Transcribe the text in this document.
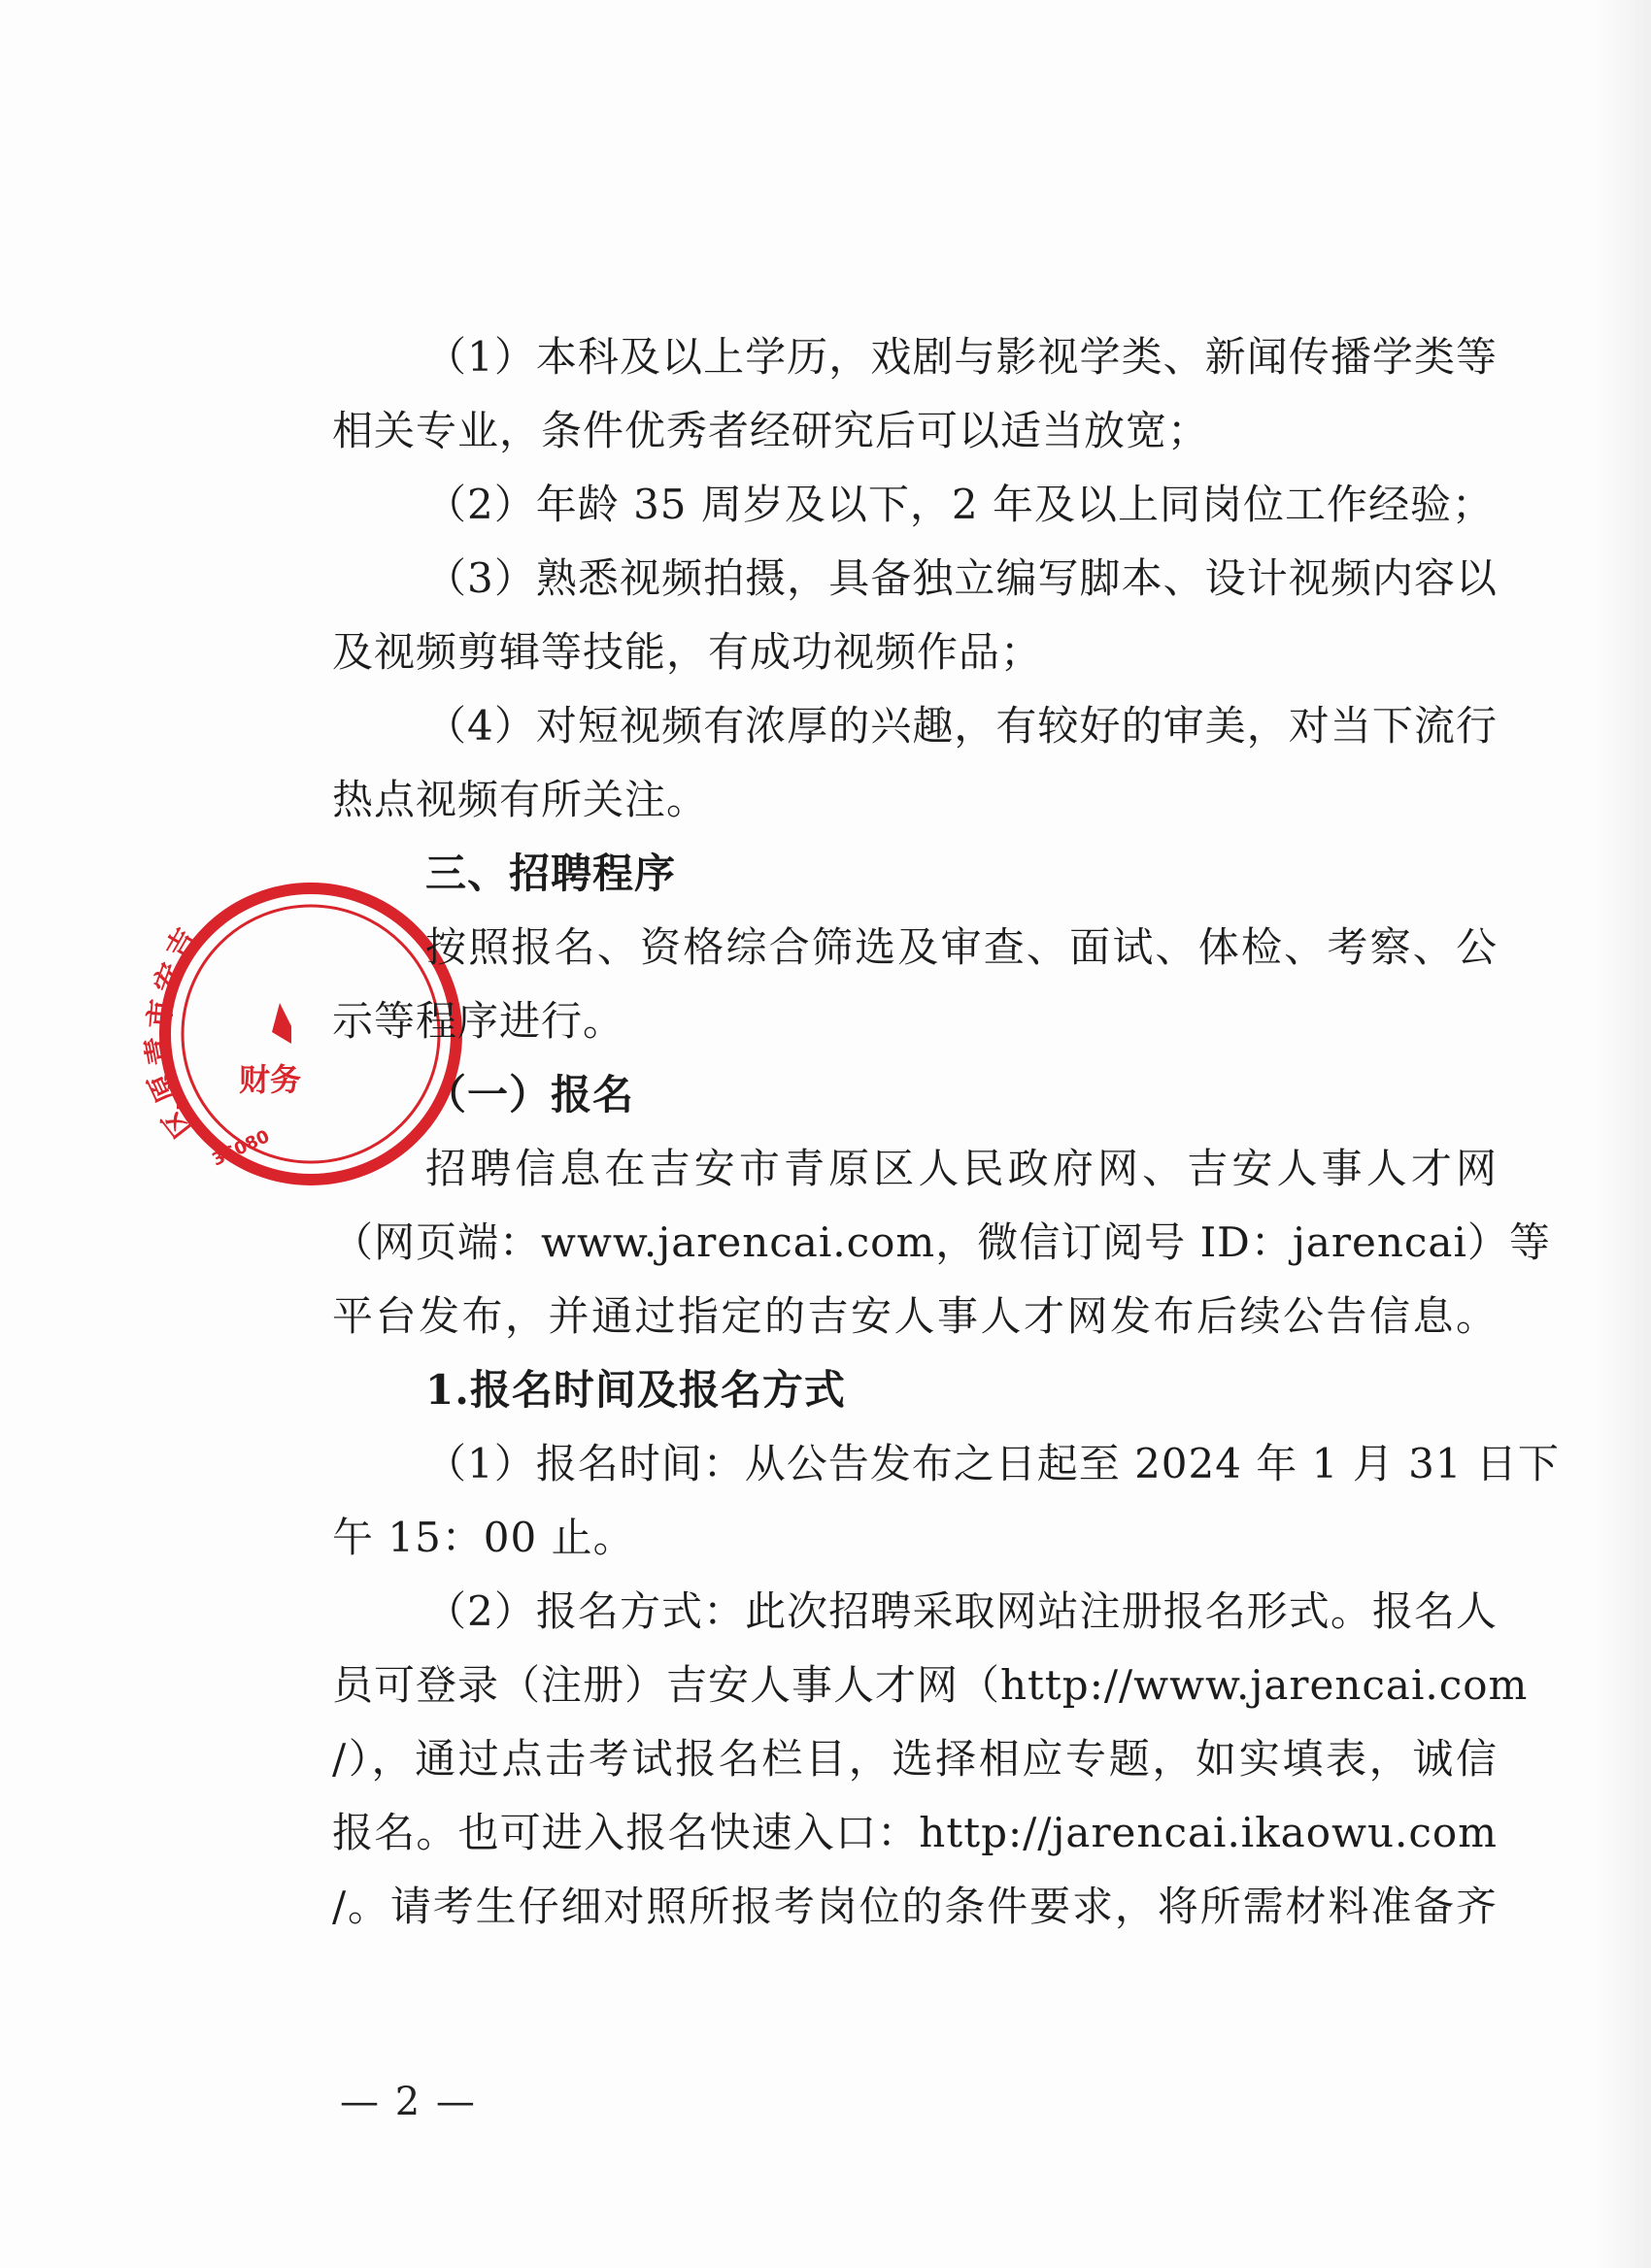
吉
安
市
青
原
区
财 务
36080
（1）本科及以上学历，戏剧与影视学类、新闻传播学类等
相关专业，条件优秀者经研究后可以适当放宽；
（2）年龄 35 周岁及以下，2 年及以上同岗位工作经验；
（3）熟悉视频拍摄，具备独立编写脚本、设计视频内容以
及视频剪辑等技能，有成功视频作品；
（4）对短视频有浓厚的兴趣，有较好的审美，对当下流行
热点视频有所关注。
三、招聘程序
按照报名、资格综合筛选及审查、面试、体检、考察、公
示等程序进行。
（一）报名
招聘信息在吉安市青原区人民政府网、吉安人事人才网
（网页端：www.jarencai.com，微信订阅号 ID：jarencai）等
平台发布，并通过指定的吉安人事人才网发布后续公告信息。
1.报名时间及报名方式
（1）报名时间：从公告发布之日起至 2024 年 1 月 31 日下
午 15：00 止。
（2）报名方式：此次招聘采取网站注册报名形式。报名人
员可登录（注册）吉安人事人才网（http://www.jarencai.com
/），通过点击考试报名栏目，选择相应专题，如实填表，诚信
报名。也可进入报名快速入口：http://jarencai.ikaowu.com
/。请考生仔细对照所报考岗位的条件要求，将所需材料准备齐
— 2 —
